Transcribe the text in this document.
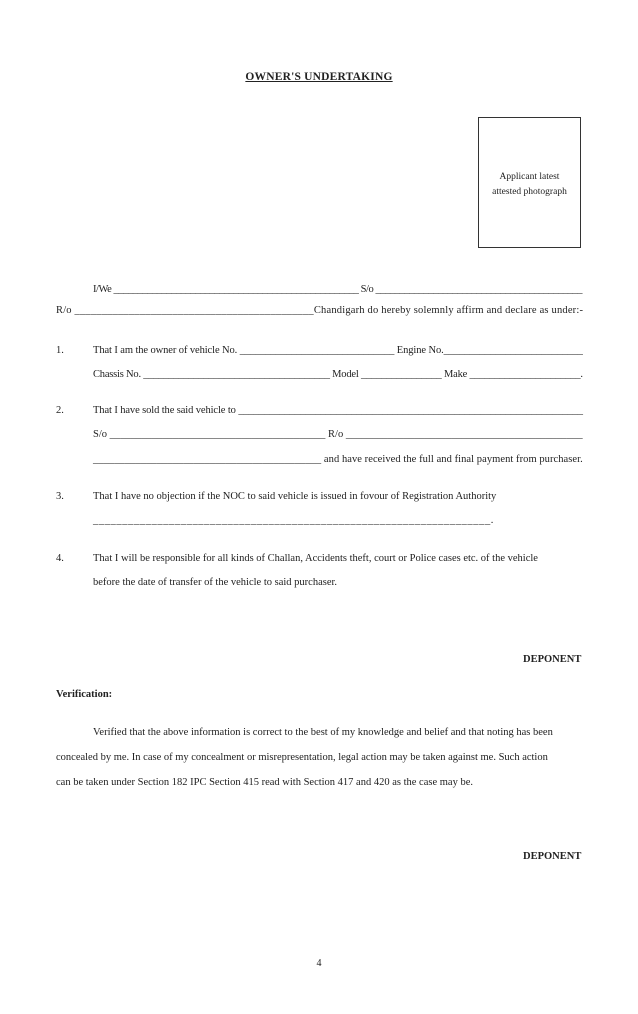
OWNER'S UNDERTAKING
Applicant latest
attested photograph
I/We ___________________________________________________ S/o ___________________________________________
R/o ____________________________________________Chandigarh do hereby solemnly affirm and declare as under:-
1.	That I am the owner of vehicle No. ______________________________ Engine No.___________________________
Chassis No. _____________________________________ Model ________________ Make ______________________.
2.	That I have sold the said vehicle to ___________________________________________________________________
S/o _________________________________________ R/o _____________________________________________
___________________________________________ and have received the full and final payment from purchaser.
3.	That I have no objection if the NOC to said vehicle is issued in fovour of Registration Authority
____________________________________________________________________.
4.	That I will be responsible for all kinds of Challan, Accidents theft, court or Police cases etc. of the vehicle
before the date of transfer of the vehicle to said purchaser.
DEPONENT
Verification:
Verified that the above information is correct to the best of my knowledge and belief and that noting has been
concealed by me. In case of my concealment or misrepresentation, legal action may be taken against me. Such action
can be taken under Section 182 IPC Section 415 read with Section 417 and 420 as the case may be.
DEPONENT
4
